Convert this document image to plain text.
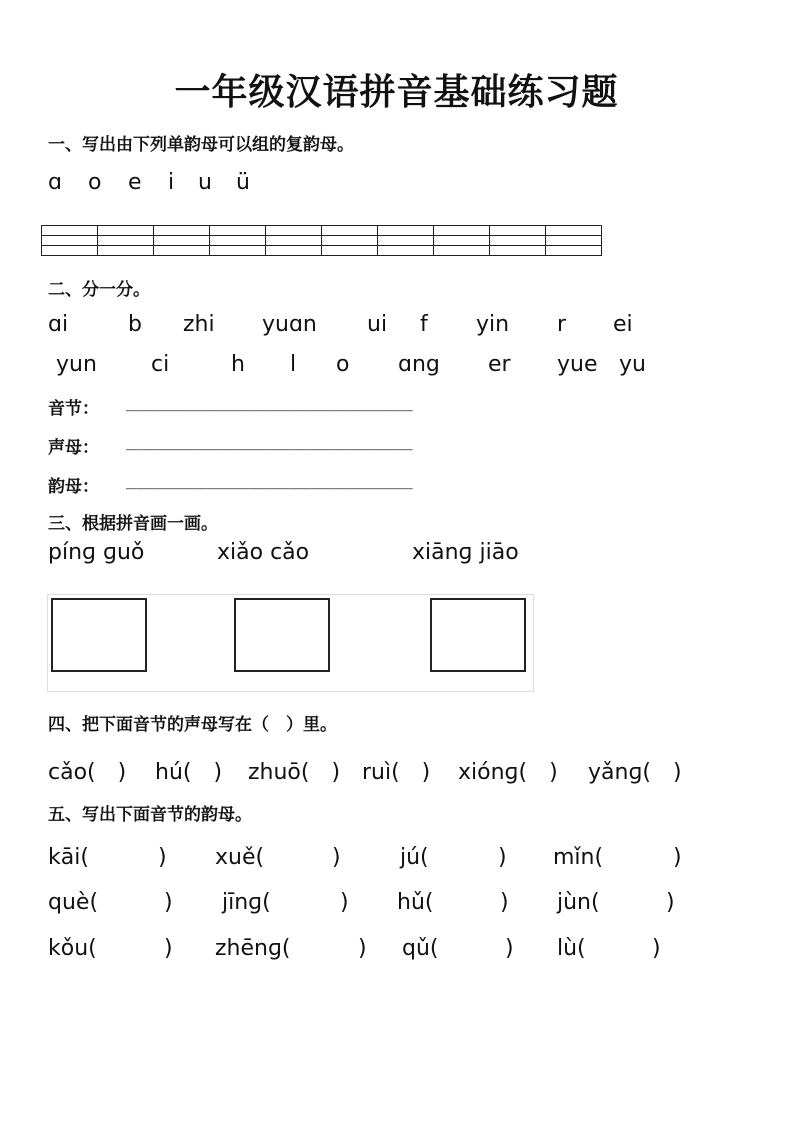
一年级汉语拼音基础练习题
一、写出由下列单韵母可以组的复韵母。
ɑ o e i u ü

二、分一分。
ɑi	b zhi yuɑn ui f yin r ei
yun ci	h l o ɑng er yue yu
音节： ____________________________
声母： ____________________________
韵母： ____________________________
三、根据拼音画一画。
pínɡ ɡuǒ	xiǎo cǎo	xiānɡ jiāo
四、把下面音节的声母写在（　）里。
cǎo(　) hú(　) zhuō(　) ruì(　) xiónɡ(　) yǎnɡ(　)
五、写出下面音节的韵母。
kāi(	) xuě(	)	jú(	) mǐn(	)
què(	) jīnɡ(	) hǔ(	) jùn(	)
kǒu(	) zhēnɡ(	) qǔ(	) lù(	)
